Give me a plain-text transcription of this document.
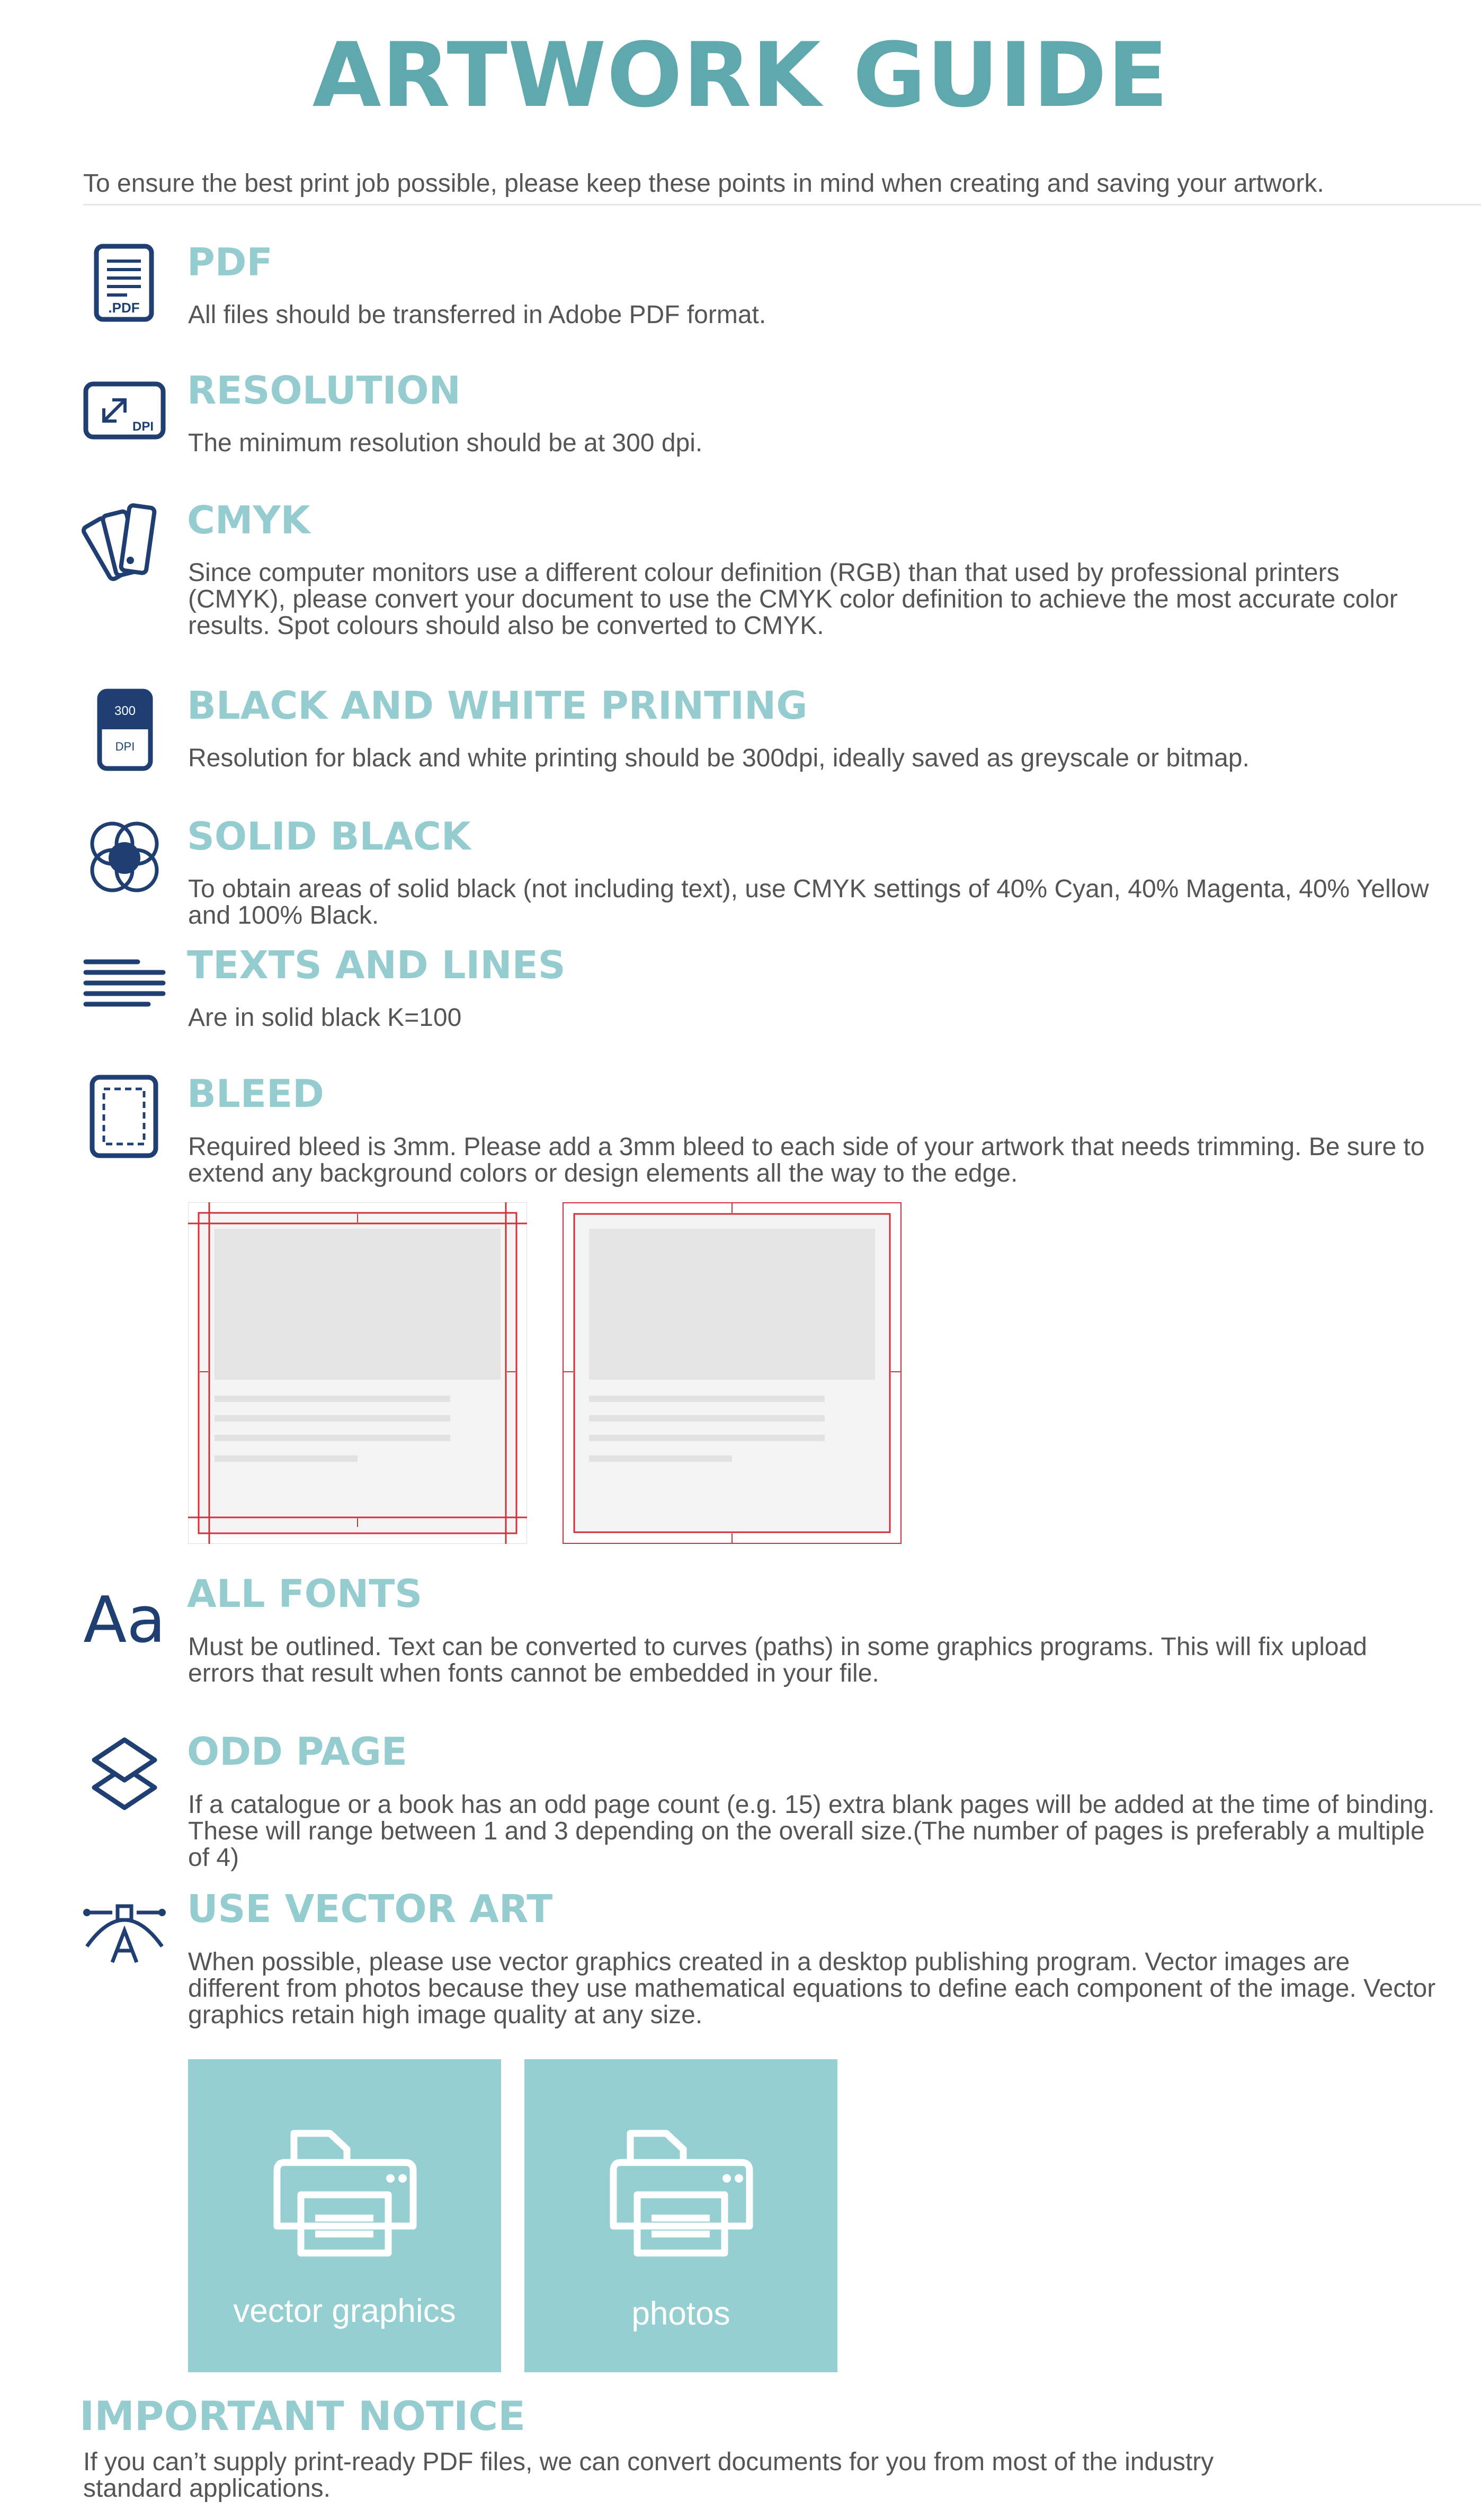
ARTWORK GUIDE
To ensure the best print job possible, please keep these points in mind when creating and saving your artwork.
.PDF
PDF
All files should be transferred in Adobe PDF format.
DPI
RESOLUTION
The minimum resolution should be at 300 dpi.
CMYK
Since computer monitors use a different colour definition (RGB) than that used by professional printers (CMYK), please convert your document to use the CMYK color definition to achieve the most accurate color results. Spot colours should also be converted to CMYK.
300
DPI
BLACK AND WHITE PRINTING
Resolution for black and white printing should be 300dpi, ideally saved as greyscale or bitmap.
SOLID BLACK
To obtain areas of solid black (not including text), use CMYK settings of 40% Cyan, 40% Magenta, 40% Yellow and 100% Black.
TEXTS AND LINES
Are in solid black K=100
BLEED
Required bleed is 3mm. Please add a 3mm bleed to each side of your artwork that needs trimming. Be sure to extend any background colors or design elements all the way to the edge.
Aa ALL FONTS
Must be outlined. Text can be converted to curves (paths) in some graphics programs. This will fix upload errors that result when fonts cannot be embedded in your file.
ODD PAGE
If a catalogue or a book has an odd page count (e.g. 15) extra blank pages will be added at the time of binding. These will range between 1 and 3 depending on the overall size.(The number of pages is preferably a multiple of 4)
USE VECTOR ART
When possible, please use vector graphics created in a desktop publishing program. Vector images are different from photos because they use mathematical equations to define each component of the image. Vector graphics retain high image quality at any size.
vector graphics	photos
IMPORTANT NOTICE
If you can’t supply print-ready PDF files, we can convert documents for you from most of the industry standard applications.
